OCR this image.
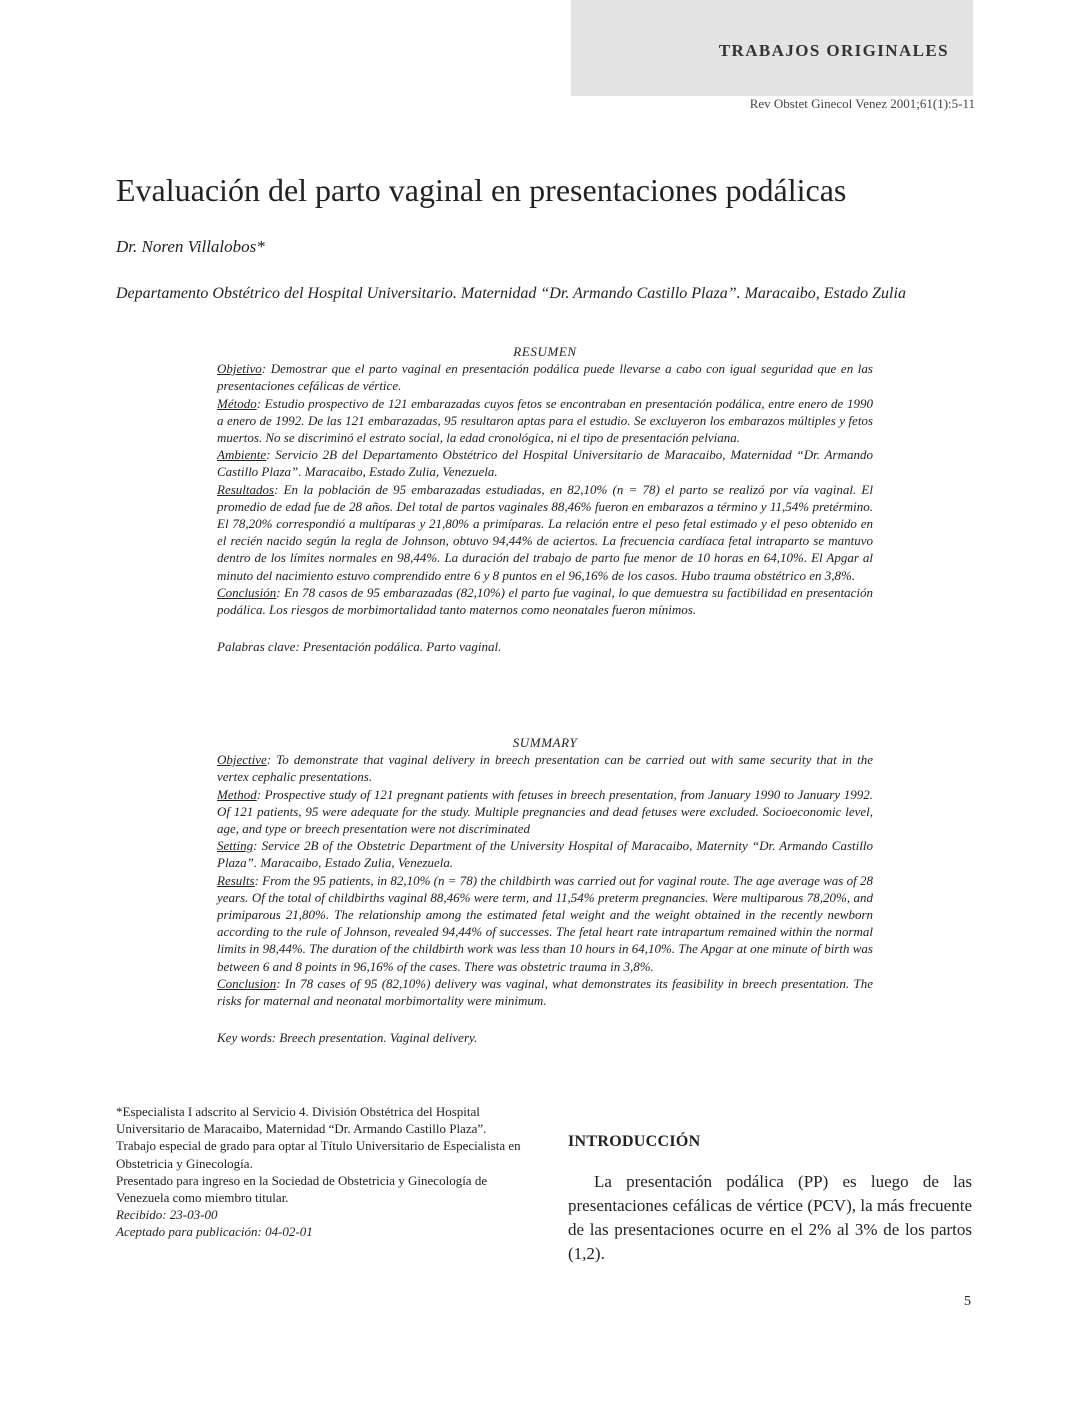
TRABAJOS ORIGINALES
Rev Obstet Ginecol Venez 2001;61(1):5-11
Evaluación del parto vaginal en presentaciones podálicas
Dr. Noren Villalobos*
Departamento Obstétrico del Hospital Universitario. Maternidad “Dr. Armando Castillo Plaza”. Maracaibo, Estado Zulia
RESUMEN

Objetivo: Demostrar que el parto vaginal en presentación podálica puede llevarse a cabo con igual seguridad que en las presentaciones cefálicas de vértice.

Método: Estudio prospectivo de 121 embarazadas cuyos fetos se encontraban en presentación podálica, entre enero de 1990 a enero de 1992. De las 121 embarazadas, 95 resultaron aptas para el estudio. Se excluyeron los embarazos múltiples y fetos muertos. No se discriminó el estrato social, la edad cronológica, ni el tipo de presentación pelviana.

Ambiente: Servicio 2B del Departamento Obstétrico del Hospital Universitario de Maracaibo, Maternidad “Dr. Armando Castillo Plaza”. Maracaibo, Estado Zulia, Venezuela.

Resultados: En la población de 95 embarazadas estudiadas, en 82,10% (n = 78) el parto se realizó por vía vaginal. El promedio de edad fue de 28 años. Del total de partos vaginales 88,46% fueron en embarazos a término y 11,54% pretérmino. El 78,20% correspondió a multíparas y 21,80% a primíparas. La relación entre el peso fetal estimado y el peso obtenido en el recién nacido según la regla de Johnson, obtuvo 94,44% de aciertos. La frecuencia cardíaca fetal intraparto se mantuvo dentro de los límites normales en 98,44%. La duración del trabajo de parto fue menor de 10 horas en 64,10%. El Apgar al minuto del nacimiento estuvo comprendido entre 6 y 8 puntos en el 96,16% de los casos. Hubo trauma obstétrico en 3,8%.

Conclusión: En 78 casos de 95 embarazadas (82,10%) el parto fue vaginal, lo que demuestra su factibilidad en presentación podálica. Los riesgos de morbimortalidad tanto maternos como neonatales fueron mínimos.

Palabras clave: Presentación podálica. Parto vaginal.

SUMMARY

Objective: To demonstrate that vaginal delivery in breech presentation can be carried out with same security that in the vertex cephalic presentations.

Method: Prospective study of 121 pregnant patients with fetuses in breech presentation, from January 1990 to January 1992. Of 121 patients, 95 were adequate for the study. Multiple pregnancies and dead fetuses were excluded. Socioeconomic level, age, and type or breech presentation were not discriminated

Setting: Service 2B of the Obstetric Department of the University Hospital of Maracaibo, Maternity “Dr. Armando Castillo Plaza”. Maracaibo, Estado Zulia, Venezuela.

Results: From the 95 patients, in 82,10% (n = 78) the childbirth was carried out for vaginal route. The age average was of 28 years. Of the total of childbirths vaginal 88,46% were term, and 11,54% preterm pregnancies. Were multiparous 78,20%, and primiparous 21,80%. The relationship among the estimated fetal weight and the weight obtained in the recently newborn according to the rule of Johnson, revealed 94,44% of successes. The fetal heart rate intrapartum remained within the normal limits in 98,44%. The duration of the childbirth work was less than 10 hours in 64,10%. The Apgar at one minute of birth was between 6 and 8 points in 96,16% of the cases. There was obstetric trauma in 3,8%.

Conclusion: In 78 cases of 95 (82,10%) delivery was vaginal, what demonstrates its feasibility in breech presentation. The risks for maternal and neonatal morbimortality were minimum.

Key words: Breech presentation. Vaginal delivery.

*Especialista I adscrito al Servicio 4. División Obstétrica del Hospital Universitario de Maracaibo, Maternidad “Dr. Armando Castillo Plaza”.

Trabajo especial de grado para optar al Título Universitario de Especialista en Obstetricia y Ginecología.

Presentado para ingreso en la Sociedad de Obstetricia y Ginecología de Venezuela como miembro titular.

Recibido: 23-03-00

Aceptado para publicación: 04-02-01

INTRODUCCIÓN

La presentación podálica (PP) es luego de las presentaciones cefálicas de vértice (PCV), la más frecuente de las presentaciones ocurre en el 2% al 3% de los partos (1,2).

5
